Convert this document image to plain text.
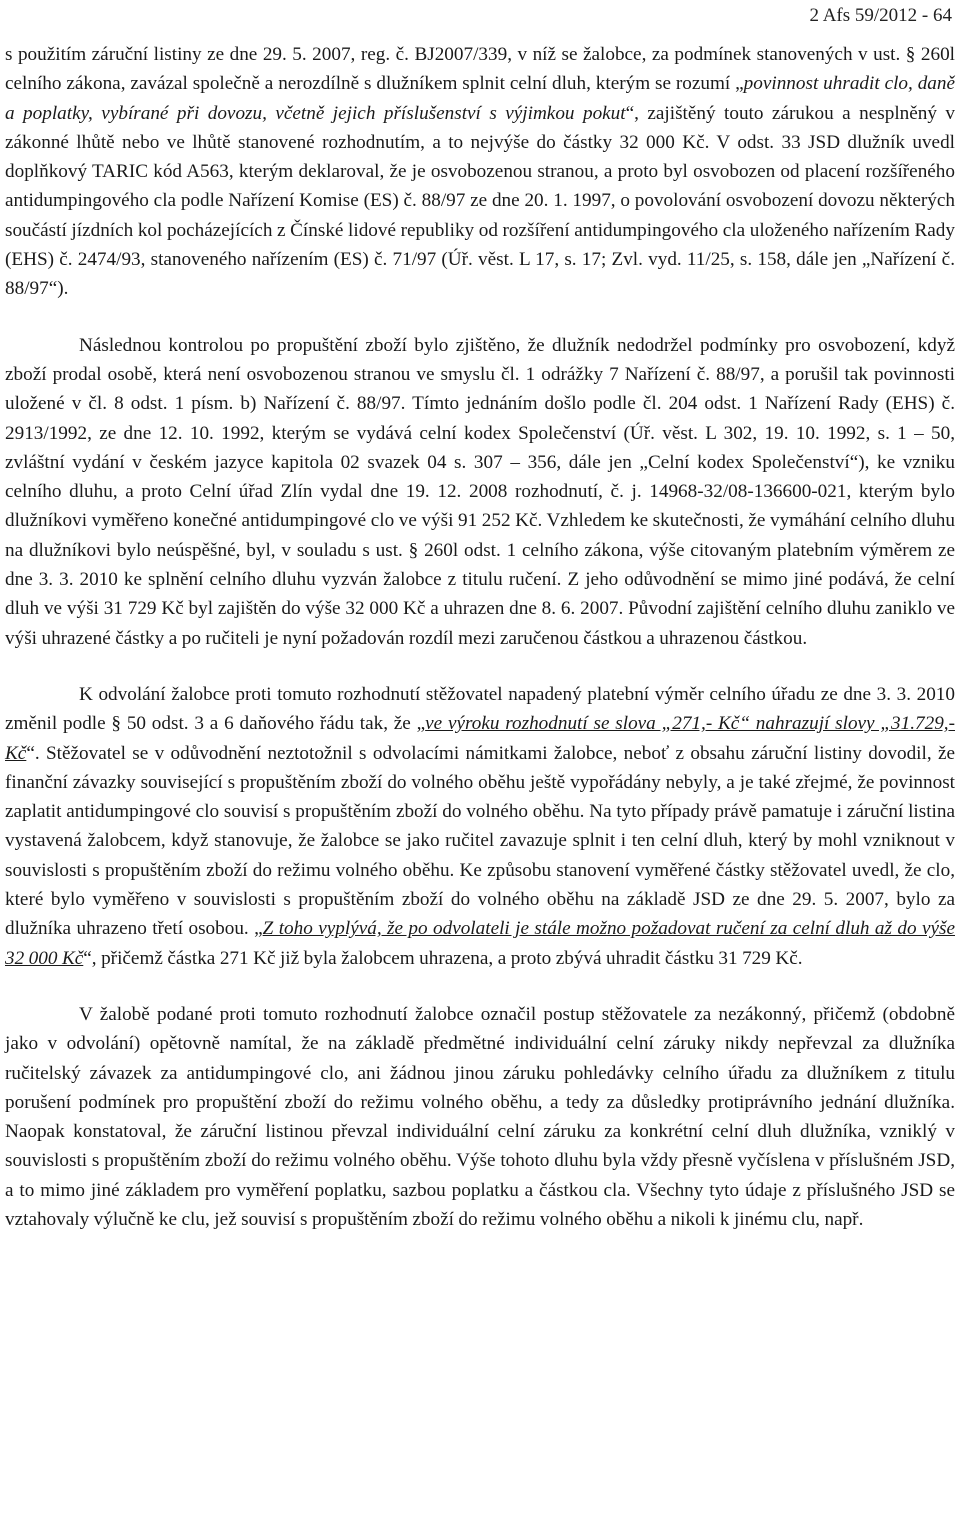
2 Afs 59/2012 - 64

s použitím záruční listiny ze dne 29. 5. 2007, reg. č. BJ2007/339, v níž se žalobce, za podmínek stanovených v ust. § 260l celního zákona, zavázal společně a nerozdílně s dlužníkem splnit celní dluh, kterým se rozumí „povinnost uhradit clo, daně a poplatky, vybírané při dovozu, včetně jejich příslušenství s výjimkou pokut“, zajištěný touto zárukou a nesplněný v zákonné lhůtě nebo ve lhůtě stanovené rozhodnutím, a to nejvýše do částky 32 000 Kč. V odst. 33 JSD dlužník uvedl doplňkový TARIC kód A563, kterým deklaroval, že je osvobozenou stranou, a proto byl osvobozen od placení rozšířeného antidumpingového cla podle Nařízení Komise (ES) č. 88/97 ze dne 20. 1. 1997, o povolování osvobození dovozu některých součástí jízdních kol pocházejících z Čínské lidové republiky od rozšíření antidumpingového cla uloženého nařízením Rady (EHS) č. 2474/93, stanoveného nařízením (ES) č. 71/97 (Úř. věst. L 17, s. 17; Zvl. vyd. 11/25, s. 158, dále jen „Nařízení č. 88/97“).

Následnou kontrolou po propuštění zboží bylo zjištěno, že dlužník nedodržel podmínky pro osvobození, když zboží prodal osobě, která není osvobozenou stranou ve smyslu čl. 1 odrážky 7 Nařízení č. 88/97, a porušil tak povinnosti uložené v čl. 8 odst. 1 písm. b) Nařízení č. 88/97. Tímto jednáním došlo podle čl. 204 odst. 1 Nařízení Rady (EHS) č. 2913/1992, ze dne 12. 10. 1992, kterým se vydává celní kodex Společenství (Úř. věst. L 302, 19. 10. 1992, s. 1 – 50, zvláštní vydání v českém jazyce kapitola 02 svazek 04 s. 307 – 356, dále jen „Celní kodex Společenství“), ke vzniku celního dluhu, a proto Celní úřad Zlín vydal dne 19. 12. 2008 rozhodnutí, č. j. 14968-32/08-136600-021, kterým bylo dlužníkovi vyměřeno konečné antidumpingové clo ve výši 91 252 Kč. Vzhledem ke skutečnosti, že vymáhání celního dluhu na dlužníkovi bylo neúspěšné, byl, v souladu s ust. § 260l odst. 1 celního zákona, výše citovaným platebním výměrem ze dne 3. 3. 2010 ke splnění celního dluhu vyzván žalobce z titulu ručení. Z jeho odůvodnění se mimo jiné podává, že celní dluh ve výši 31 729 Kč byl zajištěn do výše 32 000 Kč a uhrazen dne 8. 6. 2007. Původní zajištění celního dluhu zaniklo ve výši uhrazené částky a po ručiteli je nyní požadován rozdíl mezi zaručenou částkou a uhrazenou částkou.

K odvolání žalobce proti tomuto rozhodnutí stěžovatel napadený platební výměr celního úřadu ze dne 3. 3. 2010 změnil podle § 50 odst. 3 a 6 daňového řádu tak, že „ve výroku rozhodnutí se slova „271,- Kč“ nahrazují slovy „31.729,- Kč“. Stěžovatel se v odůvodnění neztotožnil s odvolacími námitkami žalobce, neboť z obsahu záruční listiny dovodil, že finanční závazky související s propuštěním zboží do volného oběhu ještě vypořádány nebyly, a je také zřejmé, že povinnost zaplatit antidumpingové clo souvisí s propuštěním zboží do volného oběhu. Na tyto případy právě pamatuje i záruční listina vystavená žalobcem, když stanovuje, že žalobce se jako ručitel zavazuje splnit i ten celní dluh, který by mohl vzniknout v souvislosti s propuštěním zboží do režimu volného oběhu. Ke způsobu stanovení vyměřené částky stěžovatel uvedl, že clo, které bylo vyměřeno v souvislosti s propuštěním zboží do volného oběhu na základě JSD ze dne 29. 5. 2007, bylo za dlužníka uhrazeno třetí osobou. „Z toho vyplývá, že po odvolateli je stále možno požadovat ručení za celní dluh až do výše 32 000 Kč“, přičemž částka 271 Kč již byla žalobcem uhrazena, a proto zbývá uhradit částku 31 729 Kč.

V žalobě podané proti tomuto rozhodnutí žalobce označil postup stěžovatele za nezákonný, přičemž (obdobně jako v odvolání) opětovně namítal, že na základě předmětné individuální celní záruky nikdy nepřevzal za dlužníka ručitelský závazek za antidumpingové clo, ani žádnou jinou záruku pohledávky celního úřadu za dlužníkem z titulu porušení podmínek pro propuštění zboží do režimu volného oběhu, a tedy za důsledky protiprávního jednání dlužníka. Naopak konstatoval, že záruční listinou převzal individuální celní záruku za konkrétní celní dluh dlužníka, vzniklý v souvislosti s propuštěním zboží do režimu volného oběhu. Výše tohoto dluhu byla vždy přesně vyčíslena v příslušném JSD, a to mimo jiné základem pro vyměření poplatku, sazbou poplatku a částkou cla. Všechny tyto údaje z příslušného JSD se vztahovaly výlučně ke clu, jež souvisí s propuštěním zboží do režimu volného oběhu a nikoli k jinému clu, např.
